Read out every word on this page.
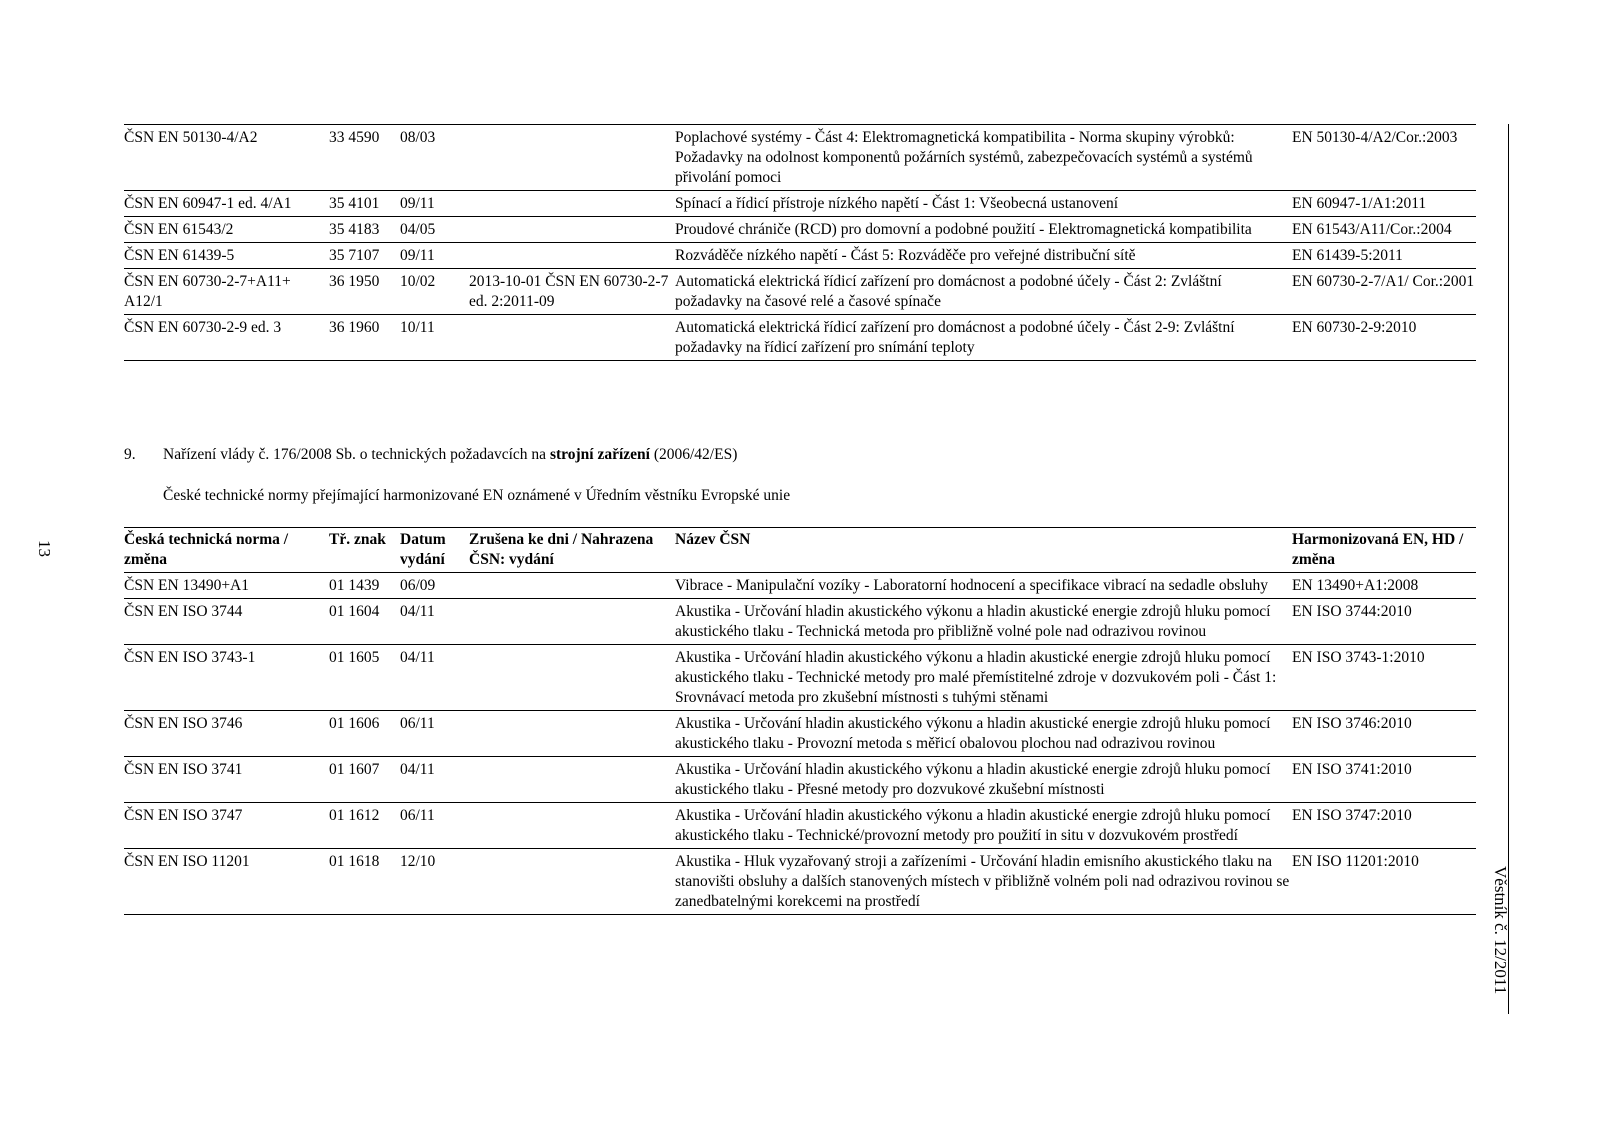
13
Věstník č. 12/2011
ČSN EN 50130-4/A2	33 4590	08/03		Poplachové systémy - Část 4: Elektromagnetická kompatibilita - Norma skupiny výrobků: Požadavky na odolnost komponentů požárních systémů, zabezpečovacích systémů a systémů přivolání pomoci	EN 50130-4/A2/Cor.:2003
ČSN EN 60947-1 ed. 4/A1	35 4101	09/11		Spínací a řídicí přístroje nízkého napětí - Část 1: Všeobecná ustanovení	EN 60947-1/A1:2011
ČSN EN 61543/2	35 4183	04/05		Proudové chrániče (RCD) pro domovní a podobné použití - Elektromagnetická kompatibilita	EN 61543/A11/Cor.:2004
ČSN EN 61439-5	35 7107	09/11		Rozváděče nízkého napětí - Část 5: Rozváděče pro veřejné distribuční sítě	EN 61439-5:2011
ČSN EN 60730-2-7+A11+ A12/1	36 1950	10/02	2013-10-01 ČSN EN 60730-2-7 ed. 2:2011-09	Automatická elektrická řídicí zařízení pro domácnost a podobné účely - Část 2: Zvláštní požadavky na časové relé a časové spínače	EN 60730-2-7/A1/ Cor.:2001
ČSN EN 60730-2-9 ed. 3	36 1960	10/11		Automatická elektrická řídicí zařízení pro domácnost a podobné účely - Část 2-9: Zvláštní požadavky na řídicí zařízení pro snímání teploty	EN 60730-2-9:2010
9. Nařízení vlády č. 176/2008 Sb. o technických požadavcích na strojní zařízení (2006/42/ES)
České technické normy přejímající harmonizované EN oznámené v Úředním věstníku Evropské unie
Česká technická norma / změna	Tř. znak	Datum vydání	Zrušena ke dni / Nahrazena ČSN: vydání	Název ČSN	Harmonizovaná EN, HD / změna
ČSN EN 13490+A1	01 1439	06/09		Vibrace - Manipulační vozíky - Laboratorní hodnocení a specifikace vibrací na sedadle obsluhy	EN 13490+A1:2008
ČSN EN ISO 3744	01 1604	04/11		Akustika - Určování hladin akustického výkonu a hladin akustické energie zdrojů hluku pomocí akustického tlaku - Technická metoda pro přibližně volné pole nad odrazivou rovinou	EN ISO 3744:2010
ČSN EN ISO 3743-1	01 1605	04/11		Akustika - Určování hladin akustického výkonu a hladin akustické energie zdrojů hluku pomocí akustického tlaku - Technické metody pro malé přemístitelné zdroje v dozvukovém poli - Část 1: Srovnávací metoda pro zkušební místnosti s tuhými stěnami	EN ISO 3743-1:2010
ČSN EN ISO 3746	01 1606	06/11		Akustika - Určování hladin akustického výkonu a hladin akustické energie zdrojů hluku pomocí akustického tlaku - Provozní metoda s měřicí obalovou plochou nad odrazivou rovinou	EN ISO 3746:2010
ČSN EN ISO 3741	01 1607	04/11		Akustika - Určování hladin akustického výkonu a hladin akustické energie zdrojů hluku pomocí akustického tlaku - Přesné metody pro dozvukové zkušební místnosti	EN ISO 3741:2010
ČSN EN ISO 3747	01 1612	06/11		Akustika - Určování hladin akustického výkonu a hladin akustické energie zdrojů hluku pomocí akustického tlaku - Technické/provozní metody pro použití in situ v dozvukovém prostředí	EN ISO 3747:2010
ČSN EN ISO 11201	01 1618	12/10		Akustika - Hluk vyzařovaný stroji a zařízeními - Určování hladin emisního akustického tlaku na stanovišti obsluhy a dalších stanovených místech v přibližně volném poli nad odrazivou rovinou se zanedbatelnými korekcemi na prostředí	EN ISO 11201:2010
